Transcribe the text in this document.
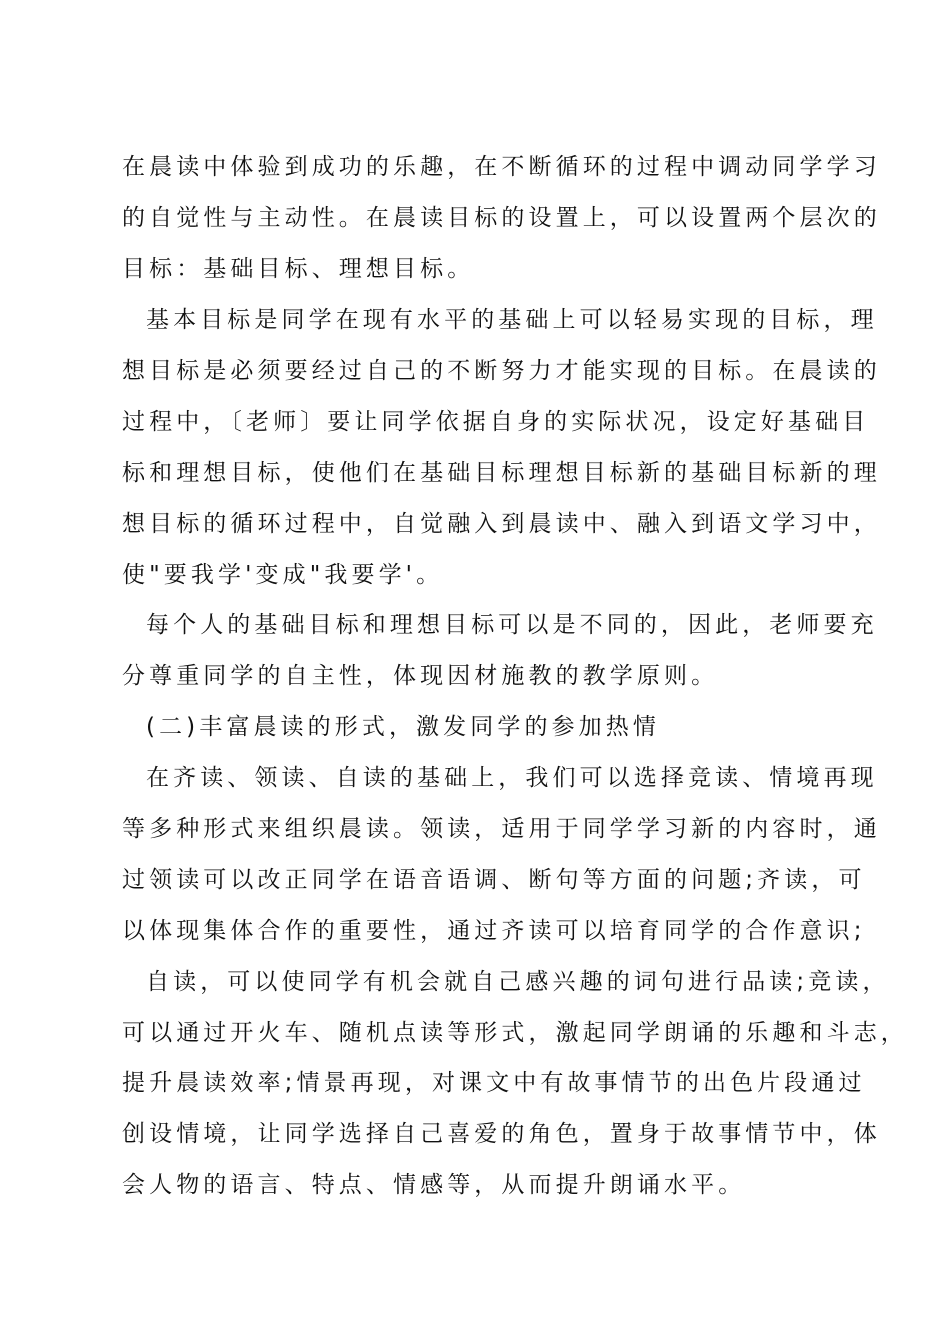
在晨读中体验到成功的乐趣，在不断循环的过程中调动同学学习
的自觉性与主动性。在晨读目标的设置上，可以设置两个层次的
目标：基础目标、理想目标。
基本目标是同学在现有水平的基础上可以轻易实现的目标，理
想目标是必须要经过自己的不断努力才能实现的目标。在晨读的
过程中，〔老师〕要让同学依据自身的实际状况，设定好基础目
标和理想目标，使他们在基础目标理想目标新的基础目标新的理
想目标的循环过程中，自觉融入到晨读中、融入到语文学习中，
使"要我学'变成"我要学'。
每个人的基础目标和理想目标可以是不同的，因此，老师要充
分尊重同学的自主性，体现因材施教的教学原则。
(二)丰富晨读的形式，激发同学的参加热情
在齐读、领读、自读的基础上，我们可以选择竞读、情境再现
等多种形式来组织晨读。领读，适用于同学学习新的内容时，通
过领读可以改正同学在语音语调、断句等方面的问题;齐读，可
以体现集体合作的重要性，通过齐读可以培育同学的合作意识;
自读，可以使同学有机会就自己感兴趣的词句进行品读;竞读，
可以通过开火车、随机点读等形式，激起同学朗诵的乐趣和斗志，
提升晨读效率;情景再现，对课文中有故事情节的出色片段通过
创设情境，让同学选择自己喜爱的角色，置身于故事情节中，体
会人物的语言、特点、情感等，从而提升朗诵水平。
